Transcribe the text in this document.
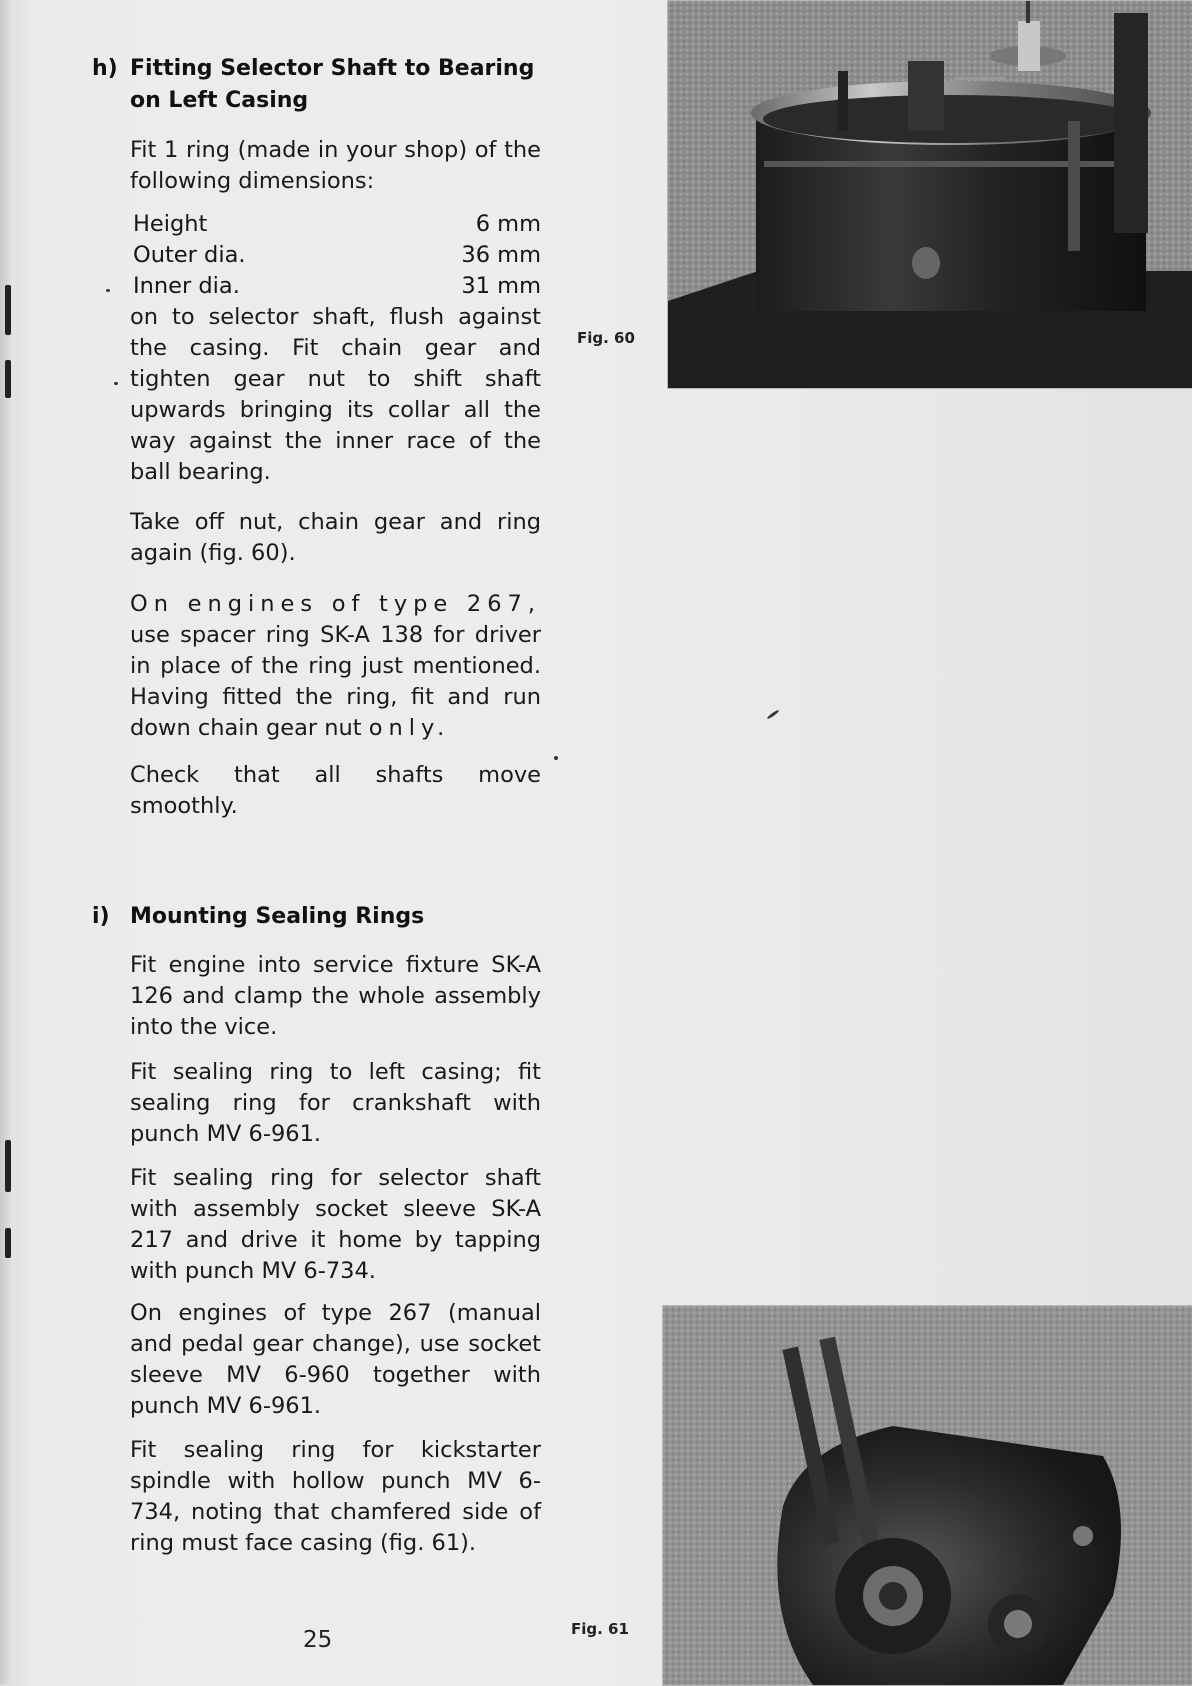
h) Fitting Selector Shaft to Bearing on Left Casing

Fit 1 ring (made in your shop) of the following dimensions:

Height	6 mm
Outer dia.	36 mm
Inner dia.	31 mm

on to selector shaft, flush against the casing. Fit chain gear and tighten gear nut to shift shaft upwards bringing its collar all the way against the inner race of the ball bearing.

Take off nut, chain gear and ring again (fig. 60).

On engines of type 267, use spacer ring SK-A 138 for driver in place of the ring just mentioned. Having fitted the ring, fit and run down chain gear nut only.

Check that all shafts move smoothly.

i) Mounting Sealing Rings

Fit engine into service fixture SK-A 126 and clamp the whole assembly into the vice.

Fit sealing ring to left casing; fit sealing ring for crankshaft with punch MV 6-961.

Fit sealing ring for selector shaft with assembly socket sleeve SK-A 217 and drive it home by tapping with punch MV 6-734.

On engines of type 267 (manual and pedal gear change), use socket sleeve MV 6-960 together with punch MV 6-961.

Fit sealing ring for kickstarter spindle with hollow punch MV 6-734, noting that chamfered side of ring must face casing (fig. 61).

Fig. 60
Fig. 61
25
